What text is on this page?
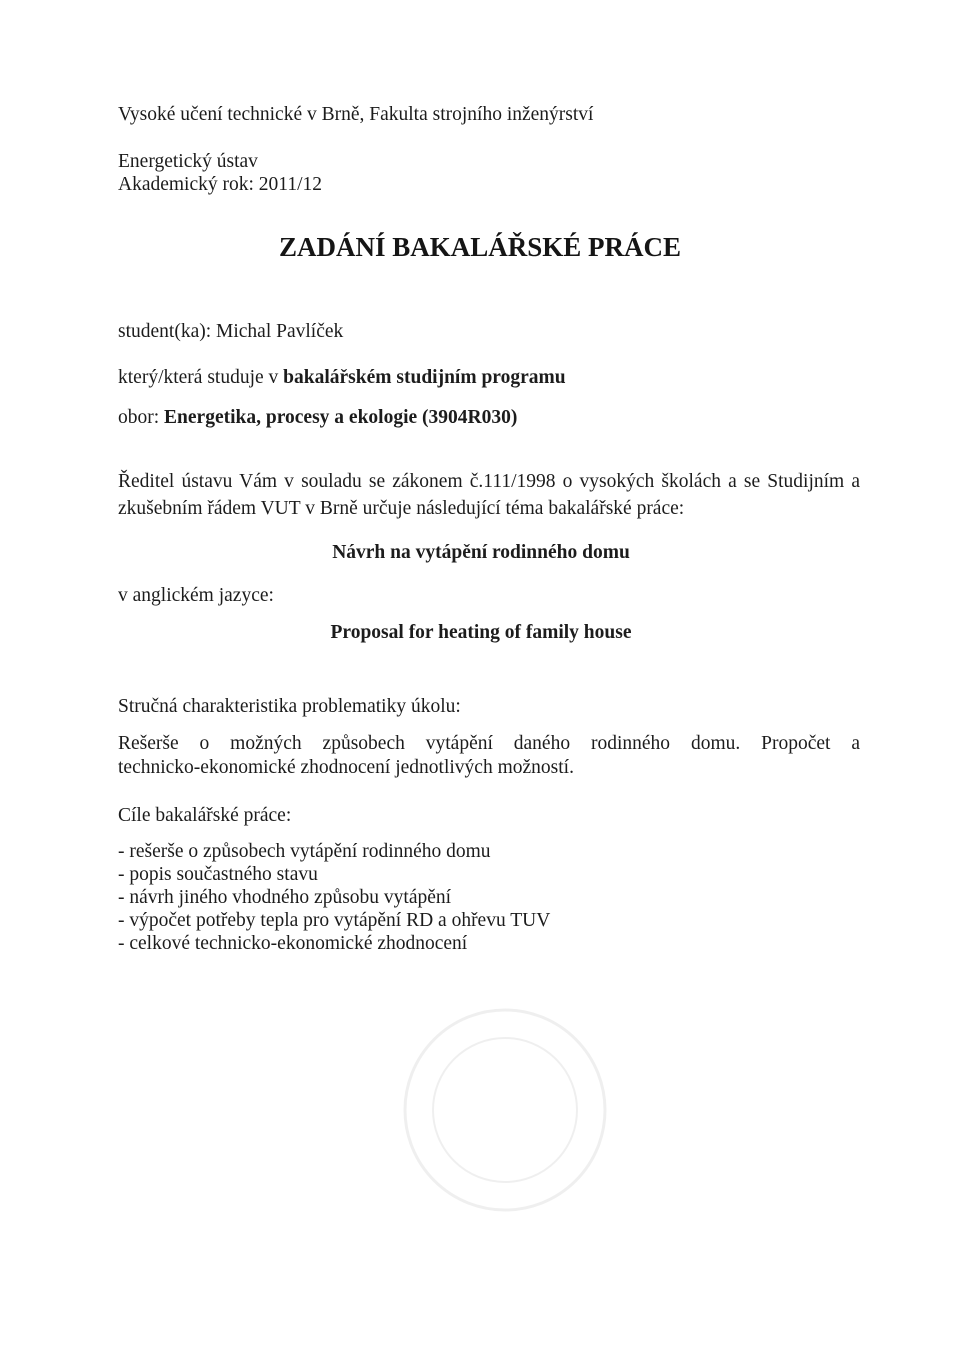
Vysoké učení technické v Brně, Fakulta strojního inženýrství
Energetický ústav
Akademický rok: 2011/12
ZADÁNÍ BAKALÁŘSKÉ PRÁCE
student(ka): Michal Pavlíček
který/která studuje v bakalářském studijním programu
obor: Energetika, procesy a ekologie (3904R030)
Ředitel ústavu Vám v souladu se zákonem č.111/1998 o vysokých školách a se Studijním a
zkušebním řádem VUT v Brně určuje následující téma bakalářské práce:
Návrh na vytápění rodinného domu
v anglickém jazyce:
Proposal for heating of family house
Stručná charakteristika problematiky úkolu:
Rešerše o možných způsobech vytápění daného rodinného domu. Propočet a
technicko-ekonomické zhodnocení jednotlivých možností.
Cíle bakalářské práce:
- rešerše o způsobech vytápění rodinného domu
- popis součastného stavu
- návrh jiného vhodného způsobu vytápění
- výpočet potřeby tepla pro vytápění RD a ohřevu TUV
- celkové technicko-ekonomické zhodnocení
